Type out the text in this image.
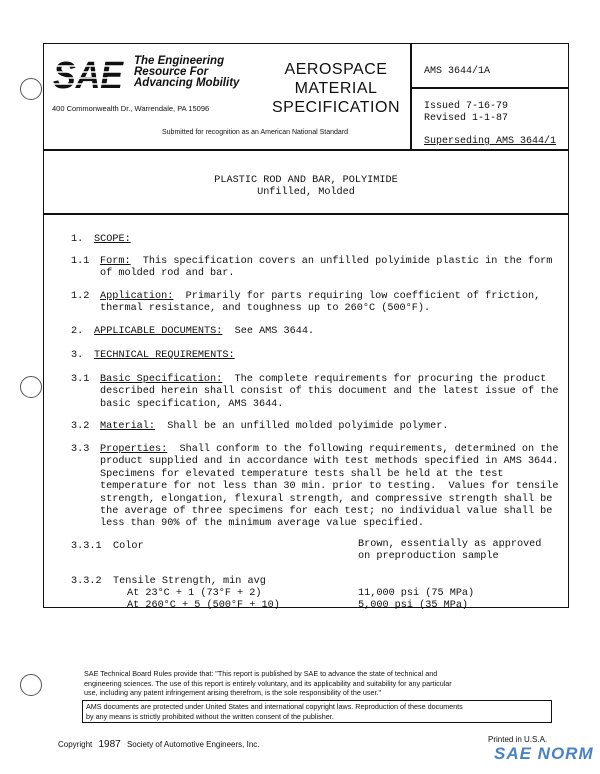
SAE The Engineering
Resource For
Advancing Mobility
400 Commonwealth Dr., Warrendale, PA 15096
AEROSPACE
MATERIAL
SPECIFICATION
Submitted for recognition as an American National Standard
AMS 3644/1A
Issued 7-16-79
Revised 1-1-87
Superseding AMS 3644/1
PLASTIC ROD AND BAR, POLYIMIDE
Unfilled, Molded
1. SCOPE:
1.1 Form:  This specification covers an unfilled polyimide plastic in the form
of molded rod and bar.
1.2 Application:  Primarily for parts requiring low coefficient of friction,
thermal resistance, and toughness up to 260°C (500°F).
2. APPLICABLE DOCUMENTS:  See AMS 3644.
3. TECHNICAL REQUIREMENTS:
3.1 Basic Specification:  The complete requirements for procuring the product
described herein shall consist of this document and the latest issue of the
basic specification, AMS 3644.
3.2 Material:  Shall be an unfilled molded polyimide polymer.
3.3 Properties:  Shall conform to the following requirements, determined on the
product supplied and in accordance with test methods specified in AMS 3644.
Specimens for elevated temperature tests shall be held at the test
temperature for not less than 30 min. prior to testing.  Values for tensile
strength, elongation, flexural strength, and compressive strength shall be
the average of three specimens for each test; no individual value shall be
less than 90% of the minimum average value specified.
3.3.1 Color	Brown, essentially as approved
on preproduction sample
3.3.2 Tensile Strength, min avg
At 23°C + 1 (73°F + 2)	11,000 psi (75 MPa)
At 260°C + 5 (500°F + 10)	5,000 psi (35 MPa)
SAE Technical Board Rules provide that: "This report is published by SAE to advance the state of technical and
engineering sciences. The use of this report is entirely voluntary, and its applicability and suitability for any particular
use, including any patent infringement arising therefrom, is the sole responsibility of the user."
AMS documents are protected under United States and international copyright laws. Reproduction of these documents
by any means is strictly prohibited without the written consent of the publisher.
Copyright 1987 Society of Automotive Engineers, Inc.
Printed in U.S.A.
SAE NORM
